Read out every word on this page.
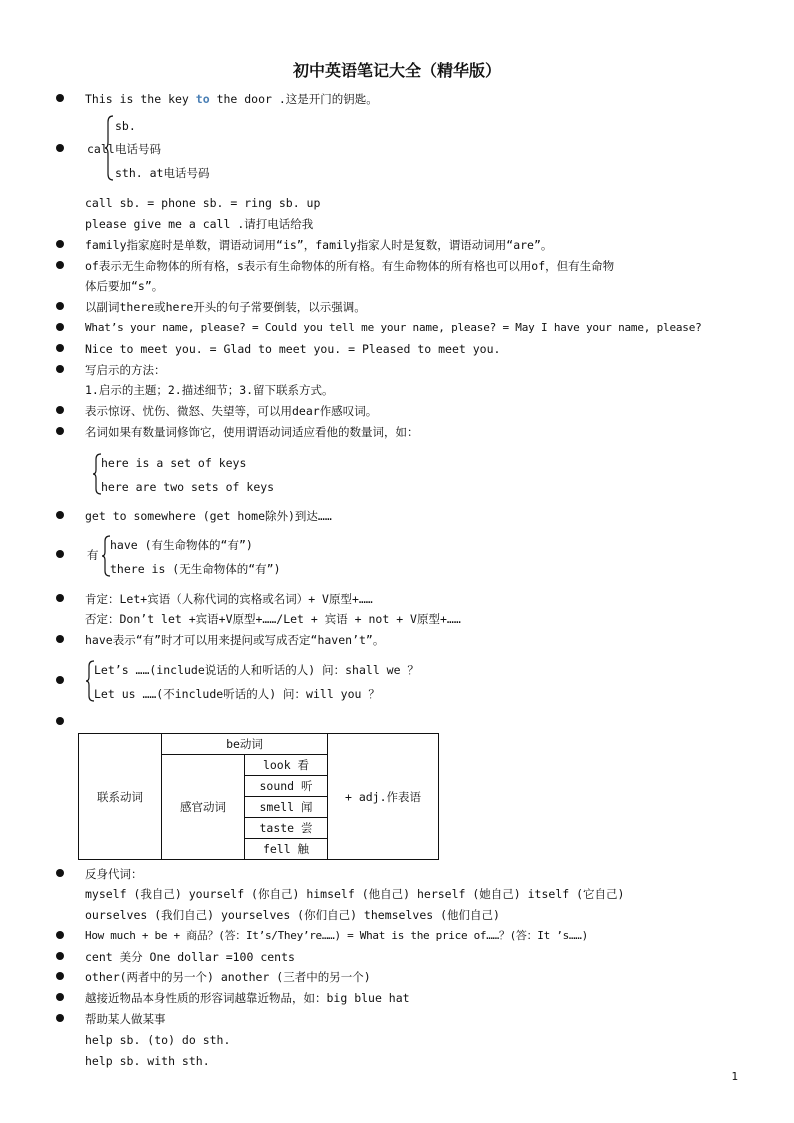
初中英语笔记大全（精华版）
This is the key to the door .这是开门的钥匙。
call
sb.
电话号码
sth. at电话号码
call sb. = phone sb. = ring sb. up
please give me a call .请打电话给我
family指家庭时是单数，谓语动词用“is”，family指家人时是复数，谓语动词用“are”。
of表示无生命物体的所有格，s表示有生命物体的所有格。有生命物体的所有格也可以用of，但有生命物
体后要加“s”。
以副词there或here开头的句子常要倒装，以示强调。
What’s your name, please? = Could you tell me your name, please? = May I have your name, please?
Nice to meet you. = Glad to meet you. = Pleased to meet you.
写启示的方法：
1.启示的主题；2.描述细节；3.留下联系方式。
表示惊讶、忧伤、微怒、失望等，可以用dear作感叹词。
名词如果有数量词修饰它，使用谓语动词适应看他的数量词，如：
here is a set of keys
here are two sets of keys
get to somewhere (get home除外)到达……
有
have (有生命物体的“有”)
there is (无生命物体的“有”)
肯定：Let+宾语（人称代词的宾格或名词）+ V原型+……
否定：Don’t let +宾语+V原型+……/Let + 宾语 + not + V原型+……
have表示“有”时才可以用来提问或写成否定“haven’t”。
Let’s ……(include说话的人和听话的人) 问：shall we ？
Let us ……(不include听话的人) 问：will you ？
联系动词	be动词		+ adj.作表语
	感官动词	look 看	
		sound 听	
		smell 闻	
		taste 尝	
		fell 触	
反身代词：
myself (我自己) yourself (你自己) himself (他自己) herself (她自己) itself (它自己)
ourselves (我们自己) yourselves (你们自己) themselves (他们自己)
How much + be + 商品？(答：It’s/They’re……) = What is the price of……？(答：It ’s……)
cent 美分 One dollar =100 cents
other(两者中的另一个) another (三者中的另一个)
越接近物品本身性质的形容词越靠近物品，如：big blue hat
帮助某人做某事
help sb. (to) do sth.
help sb. with sth.
1
